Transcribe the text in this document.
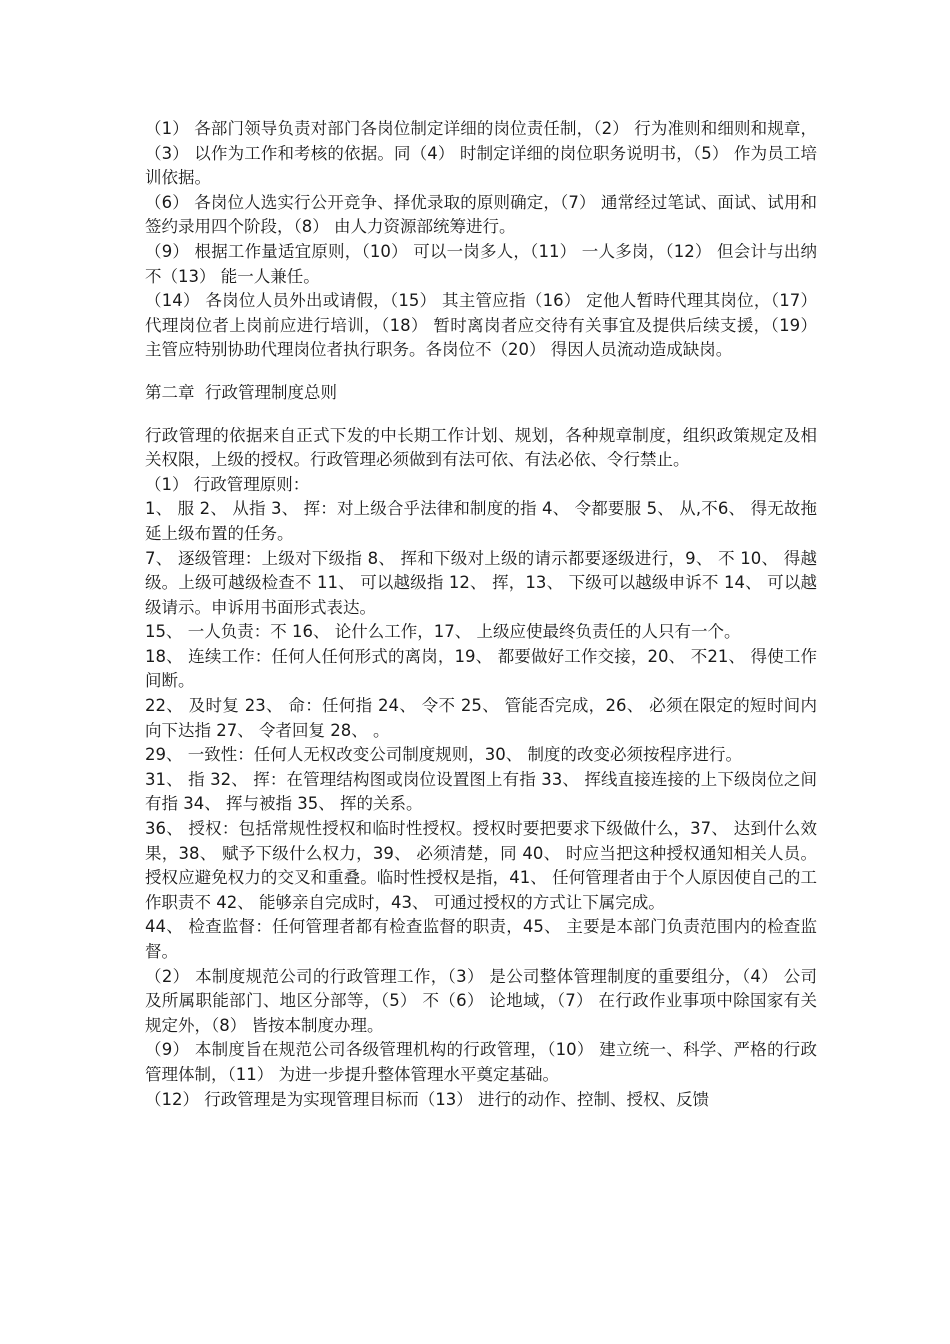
（1） 各部门领导负责对部门各岗位制定详细的岗位责任制，（2） 行为准则和细则和规章，（3） 以作为工作和考核的依据。同（4） 时制定详细的岗位职务说明书，（5） 作为员工培训依据。

（6） 各岗位人选实行公开竞争、择优录取的原则确定，（7） 通常经过笔试、面试、试用和签约录用四个阶段，（8） 由人力资源部统筹进行。

（9） 根据工作量适宜原则，（10） 可以一岗多人，（11） 一人多岗，（12） 但会计与出纳不（13） 能一人兼任。

（14） 各岗位人员外出或请假，（15） 其主管应指（16） 定他人暂時代理其岗位，（17） 代理岗位者上岗前应进行培训，（18） 暂时离岗者应交待有关事宜及提供后续支援，（19） 主管应特别协助代理岗位者执行职务。各岗位不（20） 得因人员流动造成缺岗。

第二章  行政管理制度总则

行政管理的依据来自正式下发的中长期工作计划、规划，各种规章制度，组织政策规定及相关权限，上级的授权。行政管理必须做到有法可依、有法必依、令行禁止。

（1） 行政管理原则：

1、 服 2、 从指 3、 挥：对上级合乎法律和制度的指 4、 令都要服 5、 从,不6、 得无故拖延上级布置的任务。

7、 逐级管理：上级对下级指 8、 挥和下级对上级的请示都要逐级进行，9、 不 10、 得越级。上级可越级检查不 11、 可以越级指 12、 挥，13、 下级可以越级申诉不 14、 可以越级请示。申诉用书面形式表达。

15、 一人负责：不 16、 论什么工作，17、 上级应使最终负责任的人只有一个。

18、 连续工作：任何人任何形式的离岗，19、 都要做好工作交接，20、 不21、 得使工作间断。

22、 及时复 23、 命：任何指 24、 令不 25、 管能否完成，26、 必须在限定的短时间内向下达指 27、 令者回复 28、 。

29、 一致性：任何人无权改变公司制度规则，30、 制度的改变必须按程序进行。

31、 指 32、 挥：在管理结构图或岗位设置图上有指 33、 挥线直接连接的上下级岗位之间有指 34、 挥与被指 35、 挥的关系。

36、 授权：包括常规性授权和临时性授权。授权时要把要求下级做什么，37、 达到什么效果，38、 赋予下级什么权力，39、 必须清楚，同 40、 时应当把这种授权通知相关人员。授权应避免权力的交叉和重叠。临时性授权是指，41、 任何管理者由于个人原因使自己的工作职责不 42、 能够亲自完成时，43、 可通过授权的方式让下属完成。

44、 检查监督：任何管理者都有检查监督的职责，45、 主要是本部门负责范围内的检查监督。

（2） 本制度规范公司的行政管理工作，（3） 是公司整体管理制度的重要组分，（4） 公司及所属职能部门、地区分部等，（5） 不（6） 论地域，（7） 在行政作业事项中除国家有关规定外，（8） 皆按本制度办理。

（9） 本制度旨在规范公司各级管理机构的行政管理，（10） 建立统一、科学、严格的行政管理体制，（11） 为进一步提升整体管理水平奠定基础。

（12） 行政管理是为实现管理目标而（13） 进行的动作、控制、授权、反馈
